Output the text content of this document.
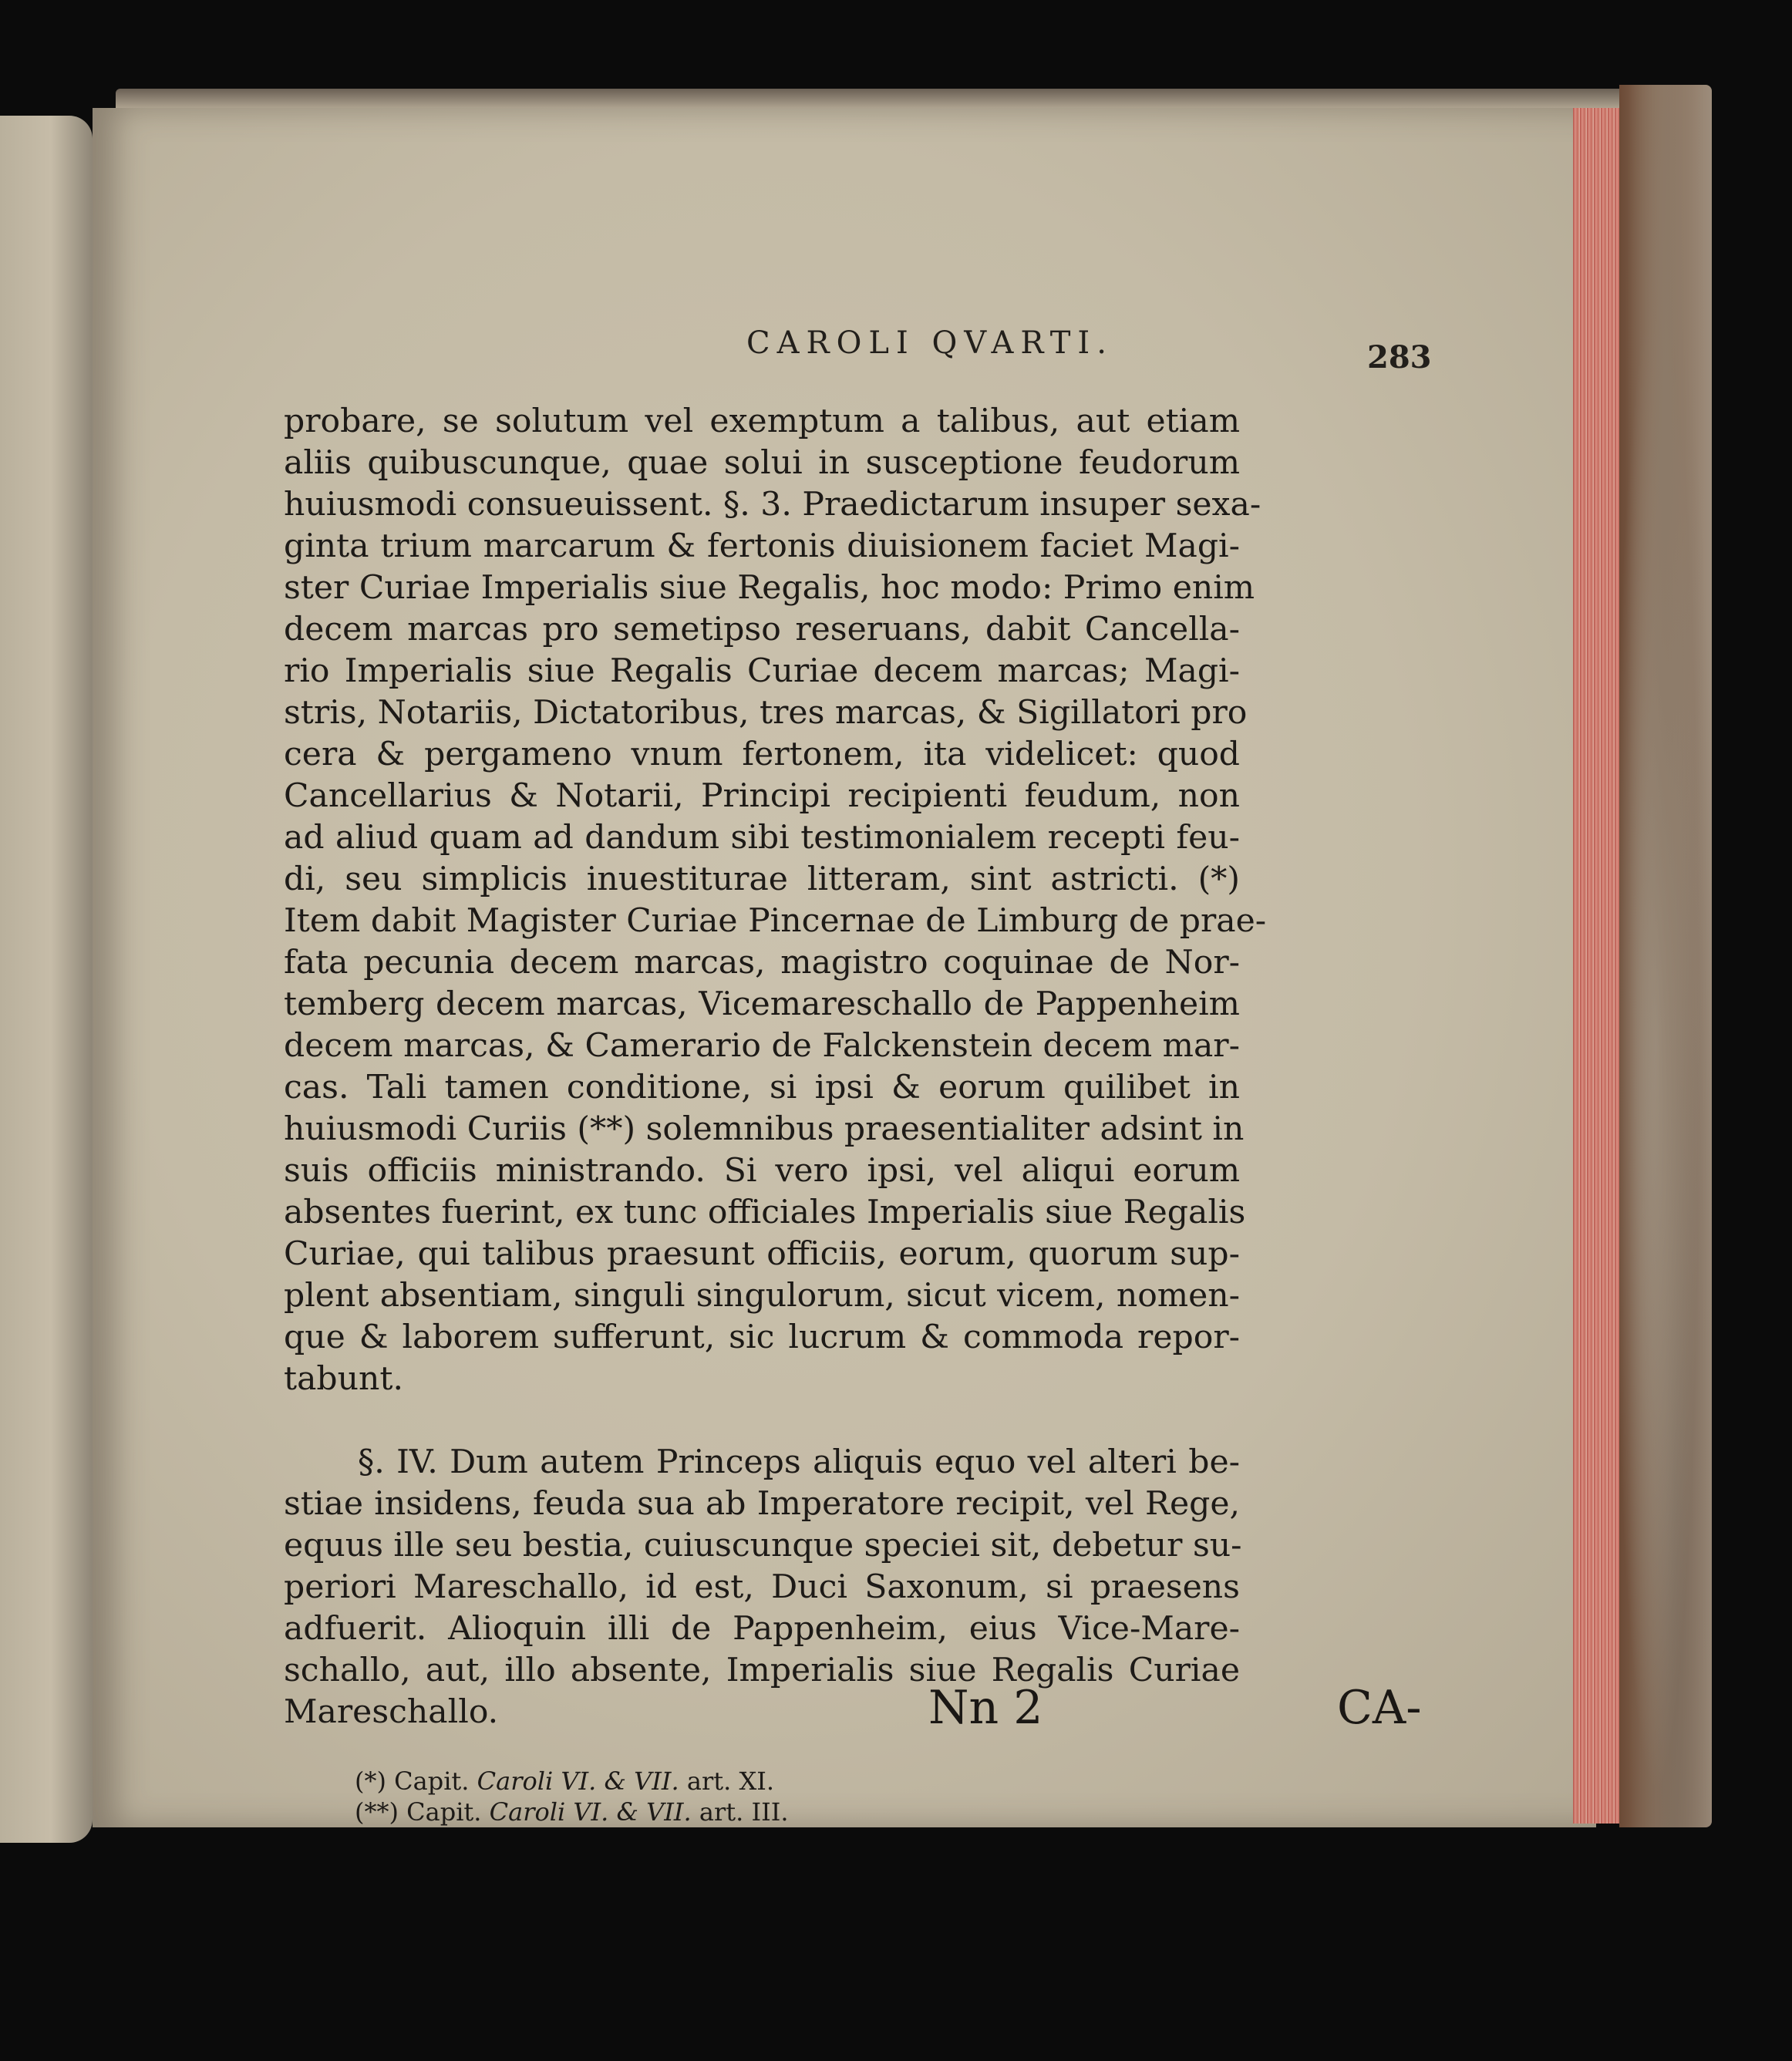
CAROLI QVARTI.	283
probare, se solutum vel exemptum a talibus, aut etiam
aliis quibuscunque, quae solui in susceptione feudorum
huiusmodi consueuissent. §. 3. Praedictarum insuper sexa-
ginta trium marcarum & fertonis diuisionem faciet Magi-
ster Curiae Imperialis siue Regalis, hoc modo: Primo enim
decem marcas pro semetipso reseruans, dabit Cancella-
rio Imperialis siue Regalis Curiae decem marcas; Magi-
stris, Notariis, Dictatoribus, tres marcas, & Sigillatori pro
cera & pergameno vnum fertonem, ita videlicet: quod
Cancellarius & Notarii, Principi recipienti feudum, non
ad aliud quam ad dandum sibi testimonialem recepti feu-
di, seu simplicis inuestiturae litteram, sint astricti. (*)
Item dabit Magister Curiae Pincernae de Limburg de prae-
fata pecunia decem marcas, magistro coquinae de Nor-
temberg decem marcas, Vicemareschallo de Pappenheim
decem marcas, & Camerario de Falckenstein decem mar-
cas. Tali tamen conditione, si ipsi & eorum quilibet in
huiusmodi Curiis (**) solemnibus praesentialiter adsint in
suis officiis ministrando. Si vero ipsi, vel aliqui eorum
absentes fuerint, ex tunc officiales Imperialis siue Regalis
Curiae, qui talibus praesunt officiis, eorum, quorum sup-
plent absentiam, singuli singulorum, sicut vicem, nomen-
que & laborem sufferunt, sic lucrum & commoda repor-
tabunt.
§. IV. Dum autem Princeps aliquis equo vel alteri be-
stiae insidens, feuda sua ab Imperatore recipit, vel Rege,
equus ille seu bestia, cuiuscunque speciei sit, debetur su-
periori Mareschallo, id est, Duci Saxonum, si praesens
adfuerit. Alioquin illi de Pappenheim, eius Vice-Mare-
schallo, aut, illo absente, Imperialis siue Regalis Curiae
Mareschallo.	Nn 2	CA-
(*) Capit. Caroli VI. & VII. art. XI.
(**) Capit. Caroli VI. & VII. art. III.
